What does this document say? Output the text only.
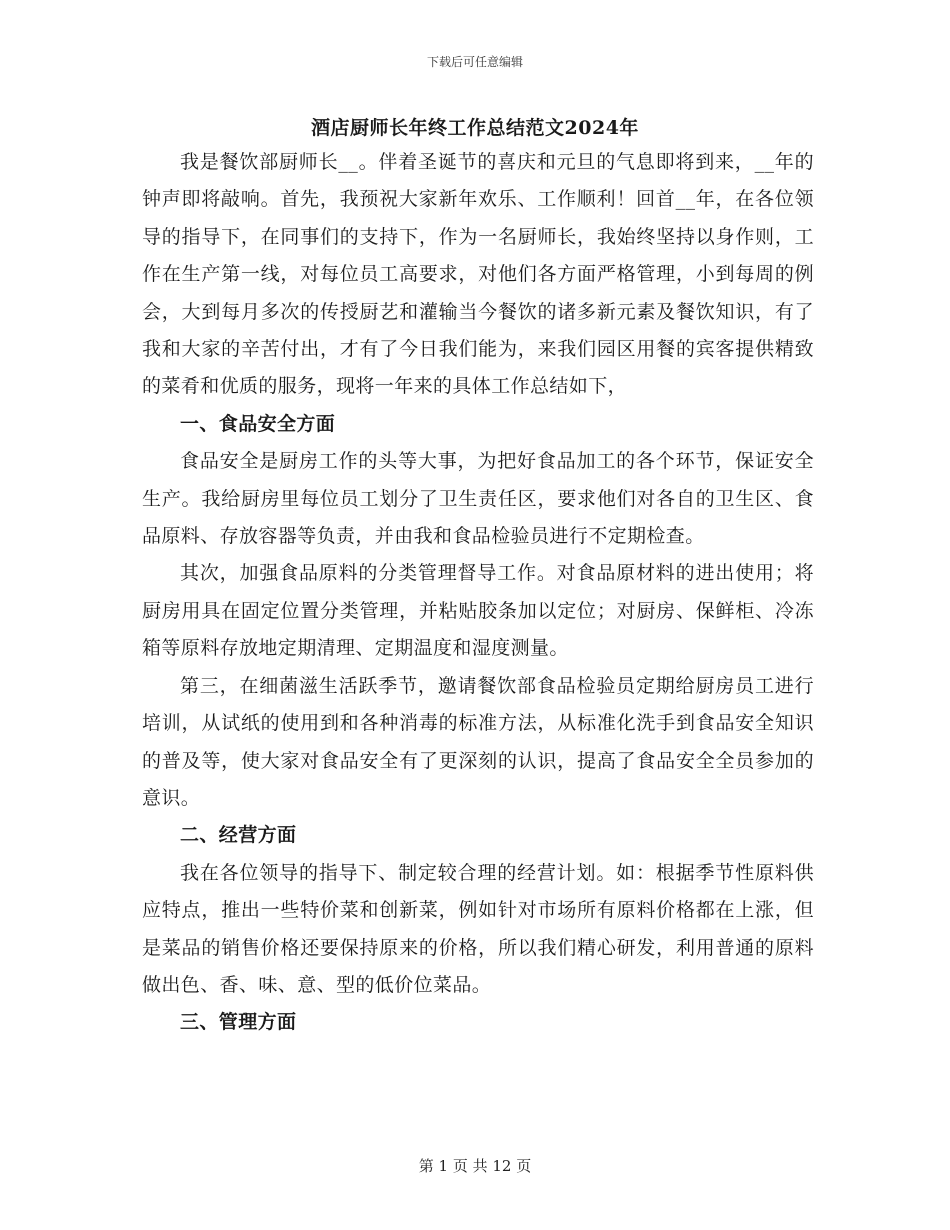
下载后可任意编辑
酒店厨师长年终工作总结范文2024年

我是餐饮部厨师长__。伴着圣诞节的喜庆和元旦的气息即将到来，__年的钟声即将敲响。首先，我预祝大家新年欢乐、工作顺利！回首__年，在各位领导的指导下，在同事们的支持下，作为一名厨师长，我始终坚持以身作则，工作在生产第一线，对每位员工高要求，对他们各方面严格管理，小到每周的例会，大到每月多次的传授厨艺和灌输当今餐饮的诸多新元素及餐饮知识，有了我和大家的辛苦付出，才有了今日我们能为，来我们园区用餐的宾客提供精致的菜肴和优质的服务，现将一年来的具体工作总结如下，

一、食品安全方面

食品安全是厨房工作的头等大事，为把好食品加工的各个环节，保证安全生产。我给厨房里每位员工划分了卫生责任区，要求他们对各自的卫生区、食品原料、存放容器等负责，并由我和食品检验员进行不定期检查。

其次，加强食品原料的分类管理督导工作。对食品原材料的进出使用；将厨房用具在固定位置分类管理，并粘贴胶条加以定位；对厨房、保鲜柜、冷冻箱等原料存放地定期清理、定期温度和湿度测量。

第三，在细菌滋生活跃季节，邀请餐饮部食品检验员定期给厨房员工进行培训，从试纸的使用到和各种消毒的标准方法，从标准化洗手到食品安全知识的普及等，使大家对食品安全有了更深刻的认识，提高了食品安全全员参加的意识。

二、经营方面

我在各位领导的指导下、制定较合理的经营计划。如：根据季节性原料供应特点，推出一些特价菜和创新菜，例如针对市场所有原料价格都在上涨，但是菜品的销售价格还要保持原来的价格，所以我们精心研发，利用普通的原料做出色、香、味、意、型的低价位菜品。

三、管理方面
第 1 页 共 12 页
